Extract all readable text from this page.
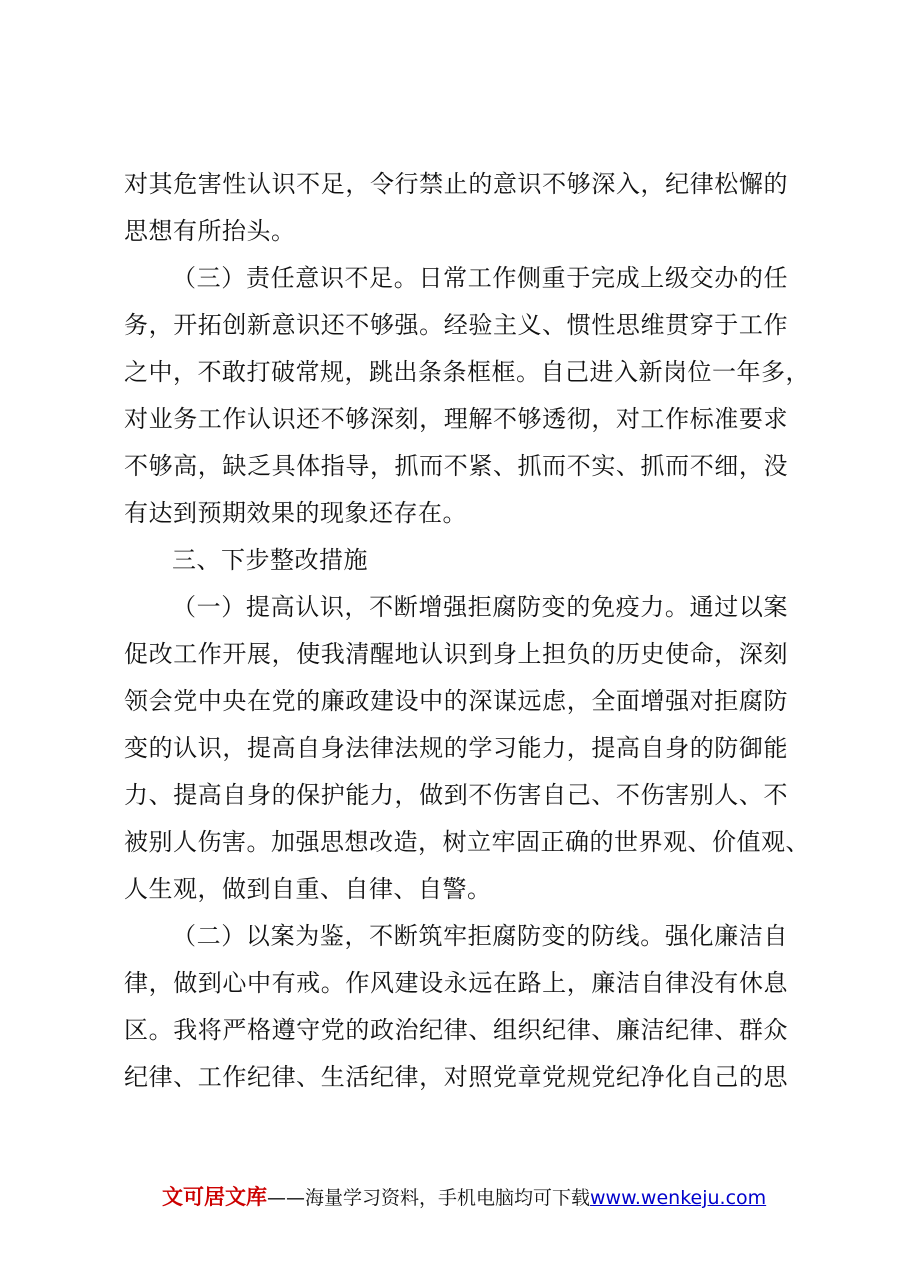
对其危害性认识不足，令行禁止的意识不够深入，纪律松懈的
思想有所抬头。
（三）责任意识不足。日常工作侧重于完成上级交办的任
务，开拓创新意识还不够强。经验主义、惯性思维贯穿于工作
之中，不敢打破常规，跳出条条框框。自己进入新岗位一年多，
对业务工作认识还不够深刻，理解不够透彻，对工作标准要求
不够高，缺乏具体指导，抓而不紧、抓而不实、抓而不细，没
有达到预期效果的现象还存在。
三、下步整改措施
（一）提高认识，不断增强拒腐防变的免疫力。通过以案
促改工作开展，使我清醒地认识到身上担负的历史使命，深刻
领会党中央在党的廉政建设中的深谋远虑，全面增强对拒腐防
变的认识，提高自身法律法规的学习能力，提高自身的防御能
力、提高自身的保护能力，做到不伤害自己、不伤害别人、不
被别人伤害。加强思想改造，树立牢固正确的世界观、价值观、
人生观，做到自重、自律、自警。
（二）以案为鉴，不断筑牢拒腐防变的防线。强化廉洁自
律，做到心中有戒。作风建设永远在路上，廉洁自律没有休息
区。我将严格遵守党的政治纪律、组织纪律、廉洁纪律、群众
纪律、工作纪律、生活纪律，对照党章党规党纪净化自己的思
文可居文库——海量学习资料，手机电脑均可下载www.wenkeju.com
